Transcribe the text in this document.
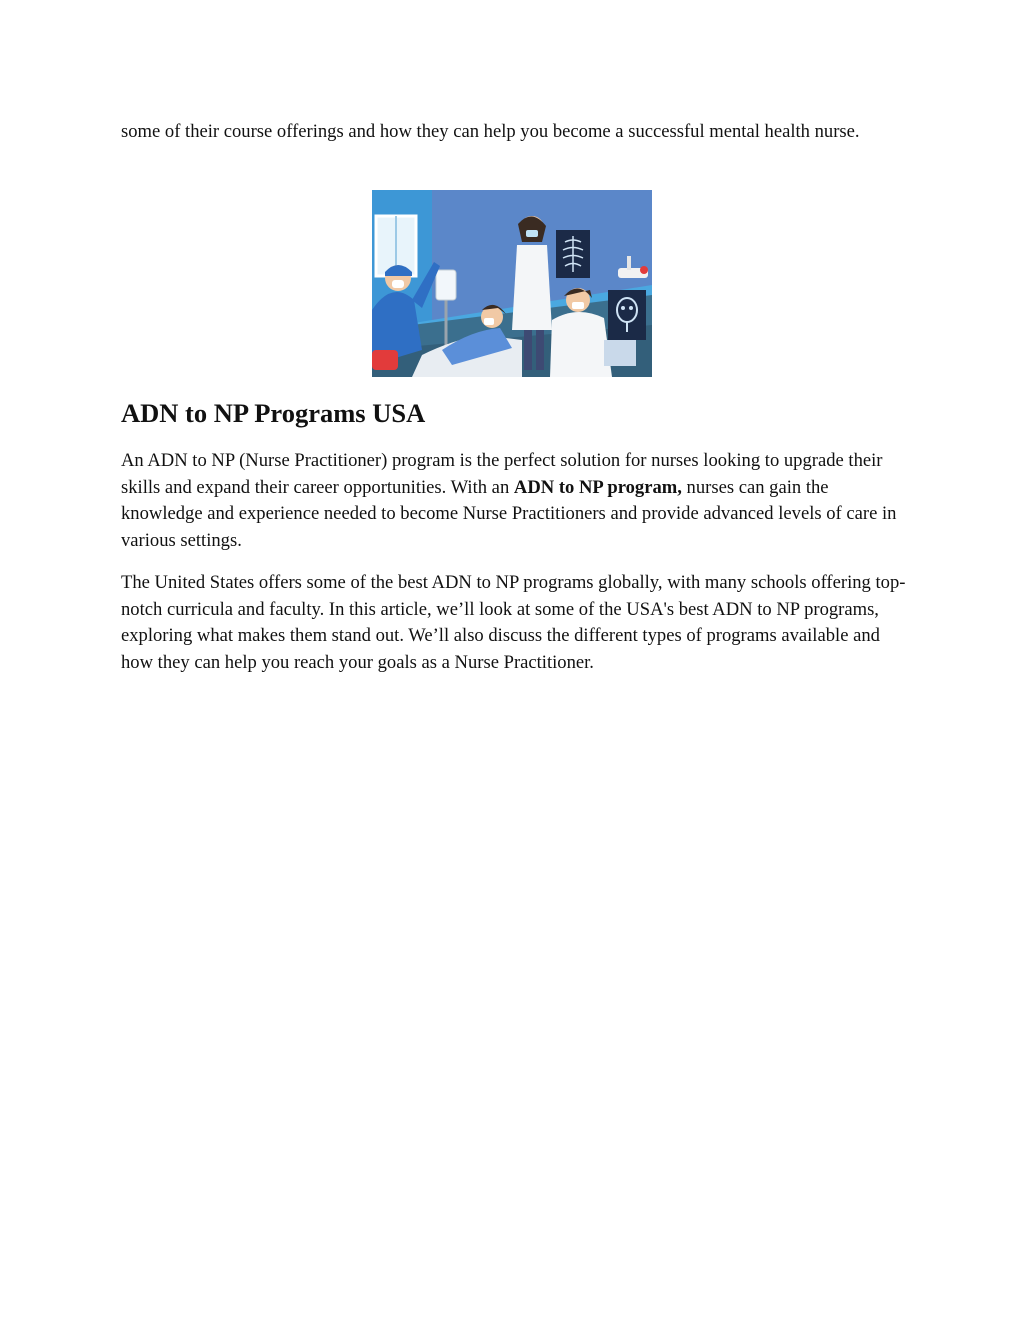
some of their course offerings and how they can help you become a successful mental health nurse.

ADN to NP Programs USA

An ADN to NP (Nurse Practitioner) program is the perfect solution for nurses looking to upgrade their skills and expand their career opportunities. With an ADN to NP program, nurses can gain the knowledge and experience needed to become Nurse Practitioners and provide advanced levels of care in various settings.

The United States offers some of the best ADN to NP programs globally, with many schools offering top-notch curricula and faculty. In this article, we’ll look at some of the USA's best ADN to NP programs, exploring what makes them stand out. We’ll also discuss the different types of programs available and how they can help you reach your goals as a Nurse Practitioner.
